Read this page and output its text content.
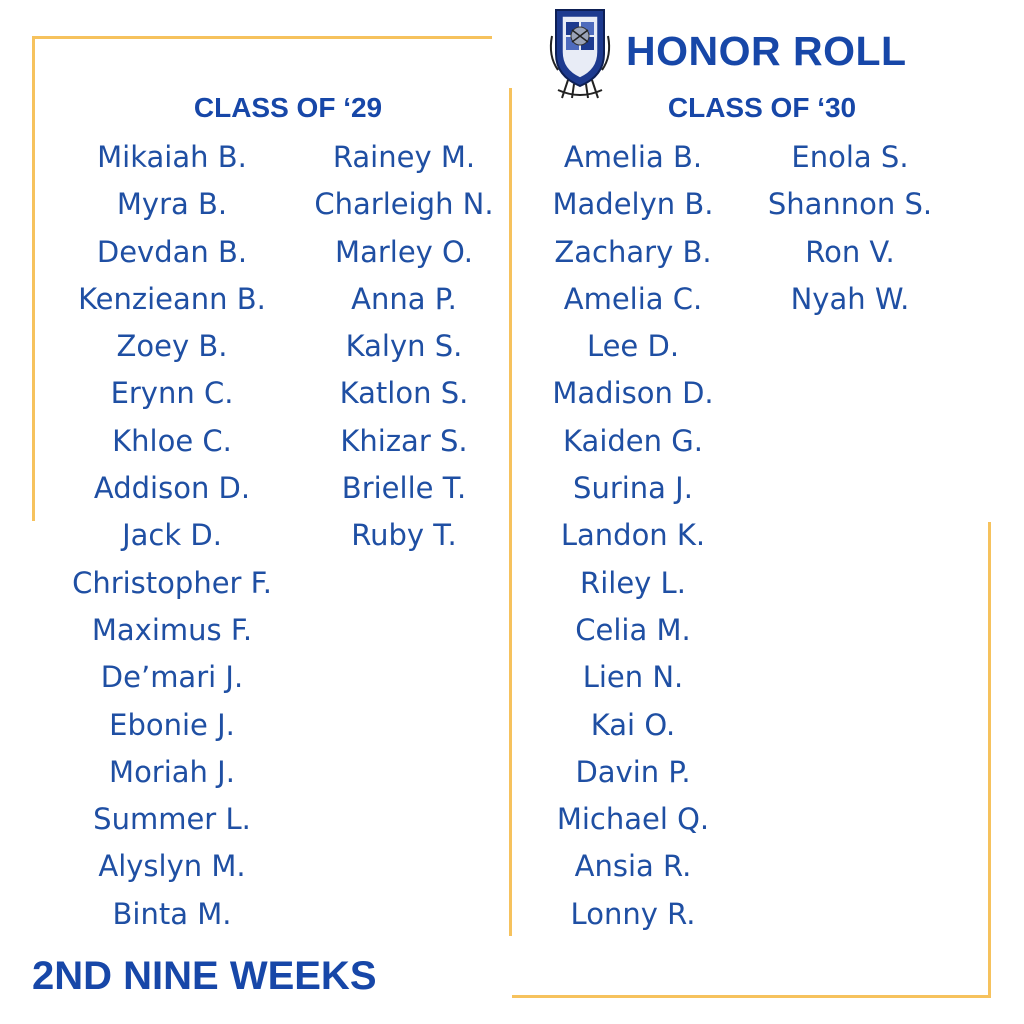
HONOR ROLL
CLASS OF ‘29	CLASS OF ‘30
Mikaiah B.
Myra B.
Devdan B.
Kenzieann B.
Zoey B.
Erynn C.
Khloe C.
Addison D.
Jack D.
Christopher F.
Maximus F.
De’mari J.
Ebonie J.
Moriah J.
Summer L.
Alyslyn M.
Binta M.
Rainey M.
Charleigh N.
Marley O.
Anna P.
Kalyn S.
Katlon S.
Khizar S.
Brielle T.
Ruby T.
Amelia B.
Madelyn B.
Zachary B.
Amelia C.
Lee D.
Madison D.
Kaiden G.
Surina J.
Landon K.
Riley L.
Celia M.
Lien N.
Kai O.
Davin P.
Michael Q.
Ansia R.
Lonny R.
Enola S.
Shannon S.
Ron V.
Nyah W.
2ND NINE WEEKS
